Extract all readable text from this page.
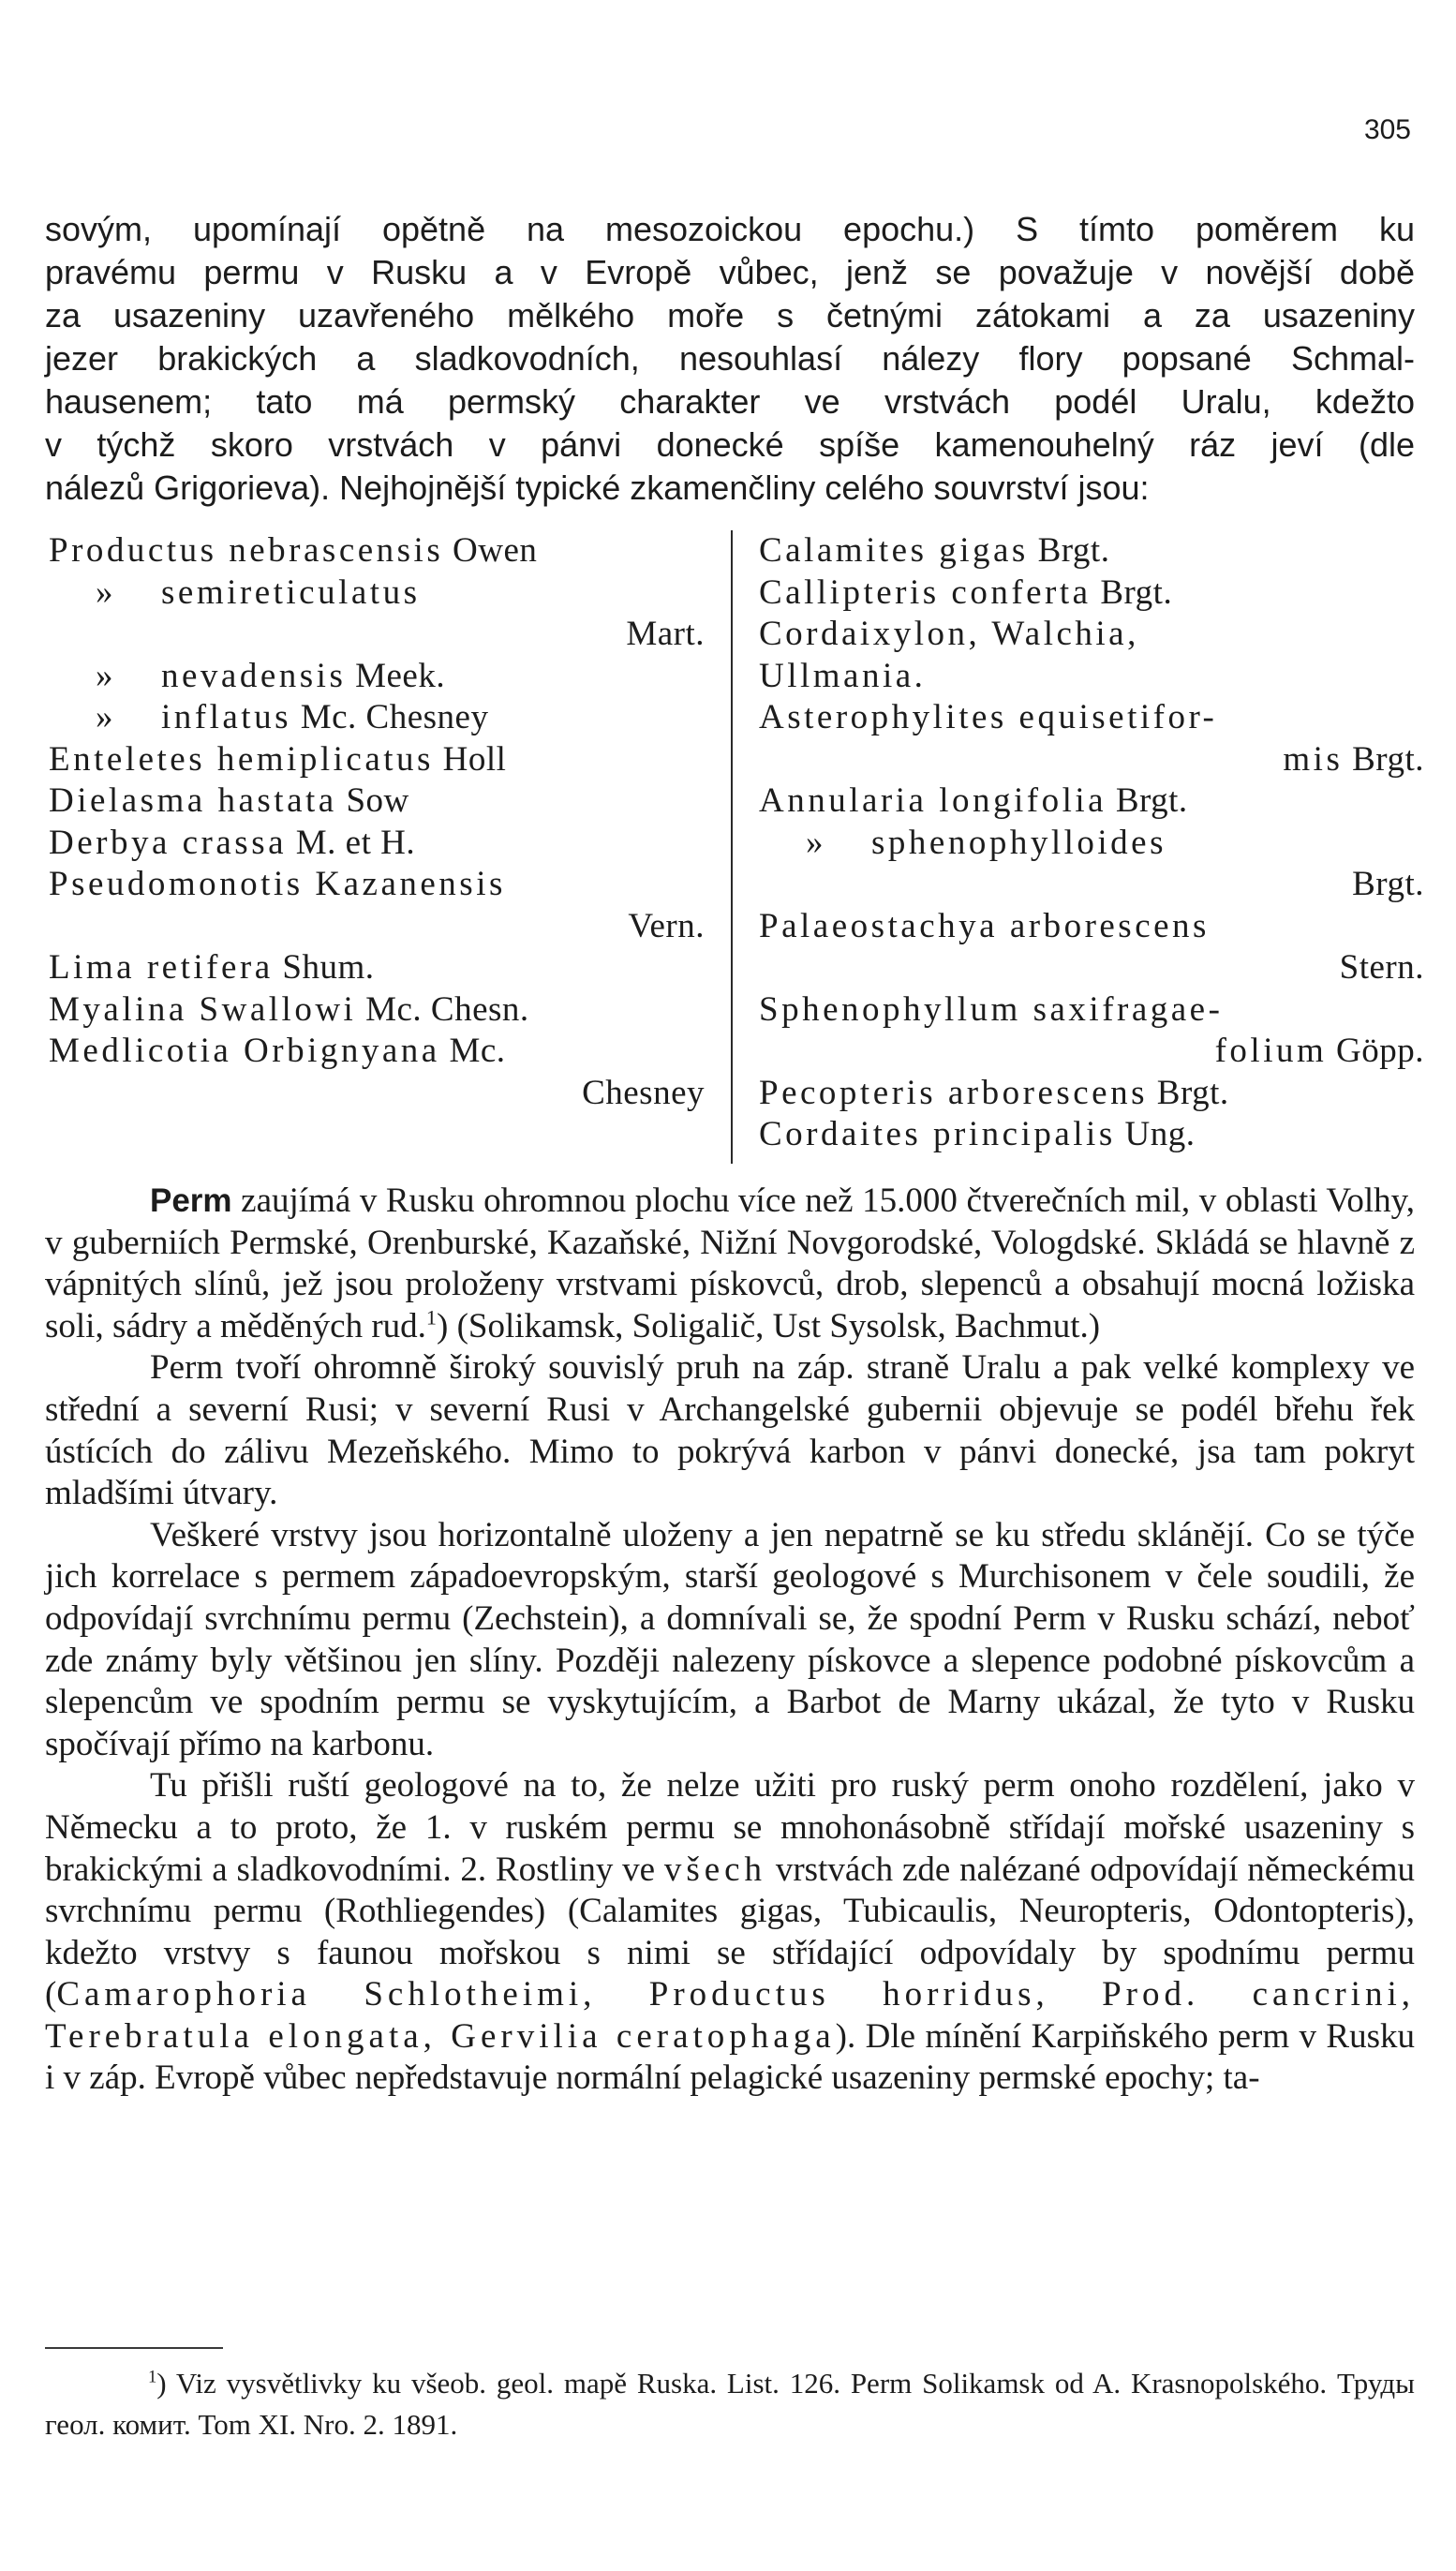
305

sovým, upomínají opětně na mesozoickou epochu.) S tímto poměrem ku

pravému permu v Rusku a v Evropě vůbec, jenž se považuje v novější době

za usazeniny uzavřeného mělkého moře s četnými zátokami a za usazeniny

jezer brakických a sladkovodních, nesouhlasí nálezy flory popsané Schmal-

hausenem; tato má permský charakter ve vrstvách podél Uralu, kdežto

v týchž skoro vrstvách v pánvi donecké spíše kamenouhelný ráz jeví (dle

nálezů Grigorieva). Nejhojnější typické zkamenčliny celého souvrství jsou:

Productus nebrascensis Owen

» semireticulatus

Mart.

» nevadensis Meek.

» inflatus Mc. Chesney

Enteletes hemiplicatus Holl

Dielasma hastata Sow

Derbya crassa M. et H.

Pseudomonotis Kazanensis

Vern.

Lima retifera Shum.

Myalina Swallowi Mc. Chesn.

Medlicotia Orbignyana Mc.

Chesney

Calamites gigas Brgt.

Callipteris conferta Brgt.

Cordaixylon, Walchia,

Ullmania.

Asterophylites equisetifor-

mis Brgt.

Annularia longifolia Brgt.

» sphenophylloides

Brgt.

Palaeostachya arborescens

Stern.

Sphenophyllum saxifragae-

folium Göpp.

Pecopteris arborescens Brgt.

Cordaites principalis Ung.

Perm zaujímá v Rusku ohromnou plochu více než 15.000 čtverečních mil, v oblasti Volhy, v guberniích Permské, Orenburské, Kazaňské, Nižní Novgorodské, Vologdské. Skládá se hlavně z vápnitých slínů, jež jsou proloženy vrstvami pískovců, drob, slepenců a obsahují mocná ložiska soli, sádry a měděných rud.$^1$) (Solikamsk, Soligalič, Ust Sysolsk, Bachmut.)

Perm tvoří ohromně široký souvislý pruh na záp. straně Uralu a pak velké komplexy ve střední a severní Rusi; v severní Rusi v Archangelské gubernii objevuje se podél břehu řek ústících do zálivu Mezeňského. Mimo to pokrývá karbon v pánvi donecké, jsa tam pokryt mladšími útvary.

Veškeré vrstvy jsou horizontalně uloženy a jen nepatrně se ku středu sklánějí. Co se týče jich korrelace s permem západoevropským, starší geologové s Murchisonem v čele soudili, že odpovídají svrchnímu permu (Zechstein), a domnívali se, že spodní Perm v Rusku schází, neboť zde známy byly většinou jen slíny. Později nalezeny pískovce a slepence podobné pískovcům a slepencům ve spodním permu se vyskytujícím, a Barbot de Marny ukázal, že tyto v Rusku spočívají přímo na karbonu.

Tu přišli ruští geologové na to, že nelze užiti pro ruský perm onoho rozdělení, jako v Německu a to proto, že 1. v ruském permu se mnohonásobně střídají mořské usazeniny s brakickými a sladkovodními. 2. Rostliny ve všech vrstvách zde nalézané odpovídají německému svrchnímu permu (Rothliegendes) (Calamites gigas, Tubicaulis, Neuropteris, Odontopteris), kdežto vrstvy s faunou mořskou s nimi se střídající odpovídaly by spodnímu permu (Camarophoria Schlotheimi, Productus horridus, Prod. cancrini, Terebratula elongata, Gervilia ceratophaga). Dle mínění Karpiňského perm v Rusku i v záp. Evropě vůbec nepředstavuje normální pelagické usazeniny permské epochy; ta-

$^1$) Viz vysvětlivky ku všeob. geol. mapě Ruska. List. 126. Perm Solikamsk od A. Krasnopolského. Труды геол. комит. Tom XI. Nro. 2. 1891.
